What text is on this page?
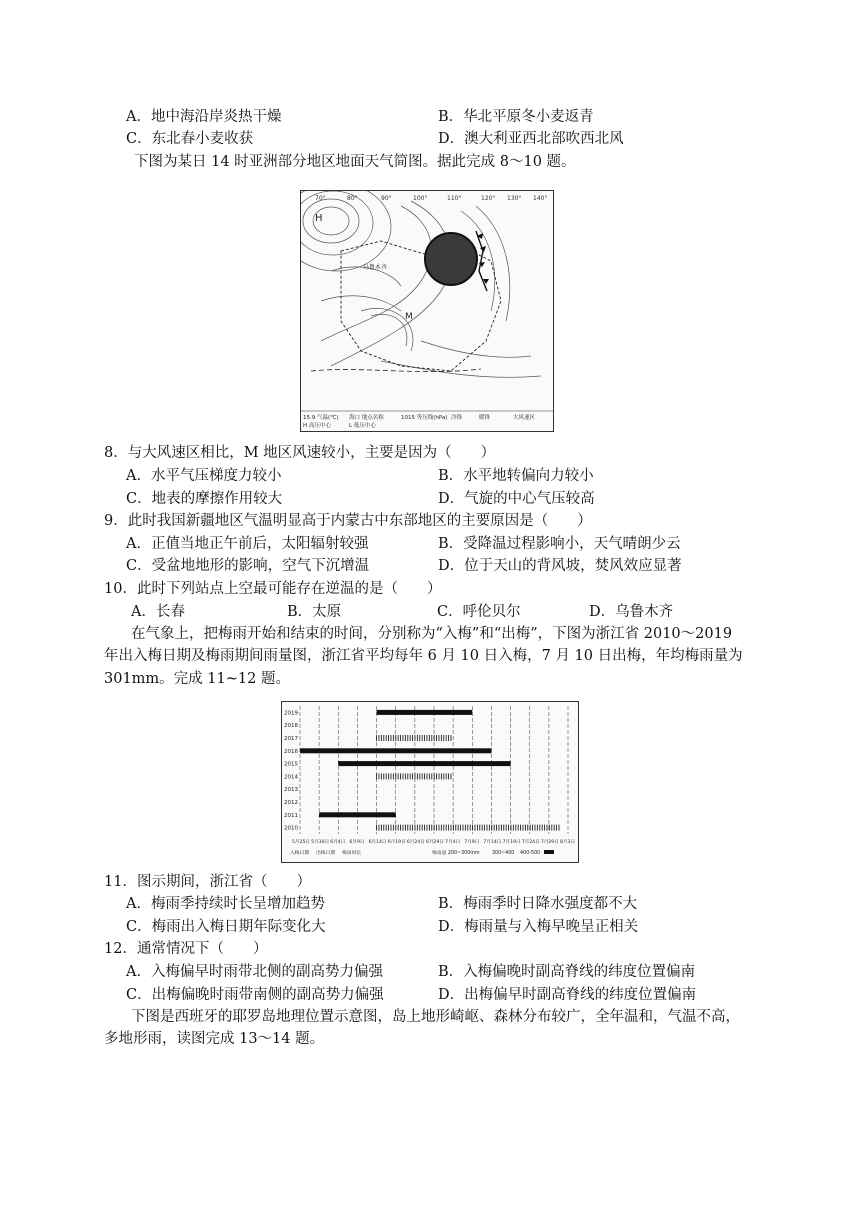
A．地中海沿岸炎热干燥	B．华北平原冬小麦返青
C．东北春小麦收获	D．澳大利亚西北部吹西北风
下图为某日 14 时亚洲部分地区地面天气简图。据此完成 8～10 题。
70°	80°	90°	100°	110°	120° 130° 140°
H
乌鲁木齐
M
15.9 气温(℃)
H 高压中心
海口 地点名称
L 低压中心
1015 等压线(hPa) 冷锋	暖锋	大风速区
8．与大风速区相比，M 地区风速较小，主要是因为（　　）
A．水平气压梯度力较小	B．水平地转偏向力较小
C．地表的摩擦作用较大	D．气旋的中心气压较高
9．此时我国新疆地区气温明显高于内蒙古中东部地区的主要原因是（　　）
A．正值当地正午前后，太阳辐射较强	B．受降温过程影响小，天气晴朗少云
C．受盆地地形的影响，空气下沉增温	D．位于天山的背风坡，焚风效应显著
10．此时下列站点上空最可能存在逆温的是（　　）
A．长春	B．太原	C．呼伦贝尔	D．乌鲁木齐
在气象上，把梅雨开始和结束的时间，分别称为“入梅”和“出梅”，下图为浙江省 2010～2019
年出入梅日期及梅雨期间雨量图，浙江省平均每年 6 月 10 日入梅，7 月 10 日出梅，年均梅雨量为
301mm。完成 11~12 题。
2019
2018
2017
2016
2015
2014
2013
2012
2011
2010
5月25日 5月30日 6月4日 6月9日 6月14日 6月19日 6月24日 6月29日 7月4日 7月9日 7月14日 7月19日 7月24日 7月29日 8月3日
入梅日期 出梅日期 梅雨时长	梅雨量 200~300mm	300~400 400-500
11．图示期间，浙江省（　　）
A．梅雨季持续时长呈增加趋势	B．梅雨季时日降水强度都不大
C．梅雨出入梅日期年际变化大	D．梅雨量与入梅早晚呈正相关
12．通常情况下（　　）
A．入梅偏早时雨带北侧的副高势力偏强	B．入梅偏晚时副高脊线的纬度位置偏南
C．出梅偏晚时雨带南侧的副高势力偏强	D．出梅偏早时副高脊线的纬度位置偏南
下图是西班牙的耶罗岛地理位置示意图，岛上地形崎岖、森林分布较广，全年温和，气温不高，
多地形雨，读图完成 13～14 题。
